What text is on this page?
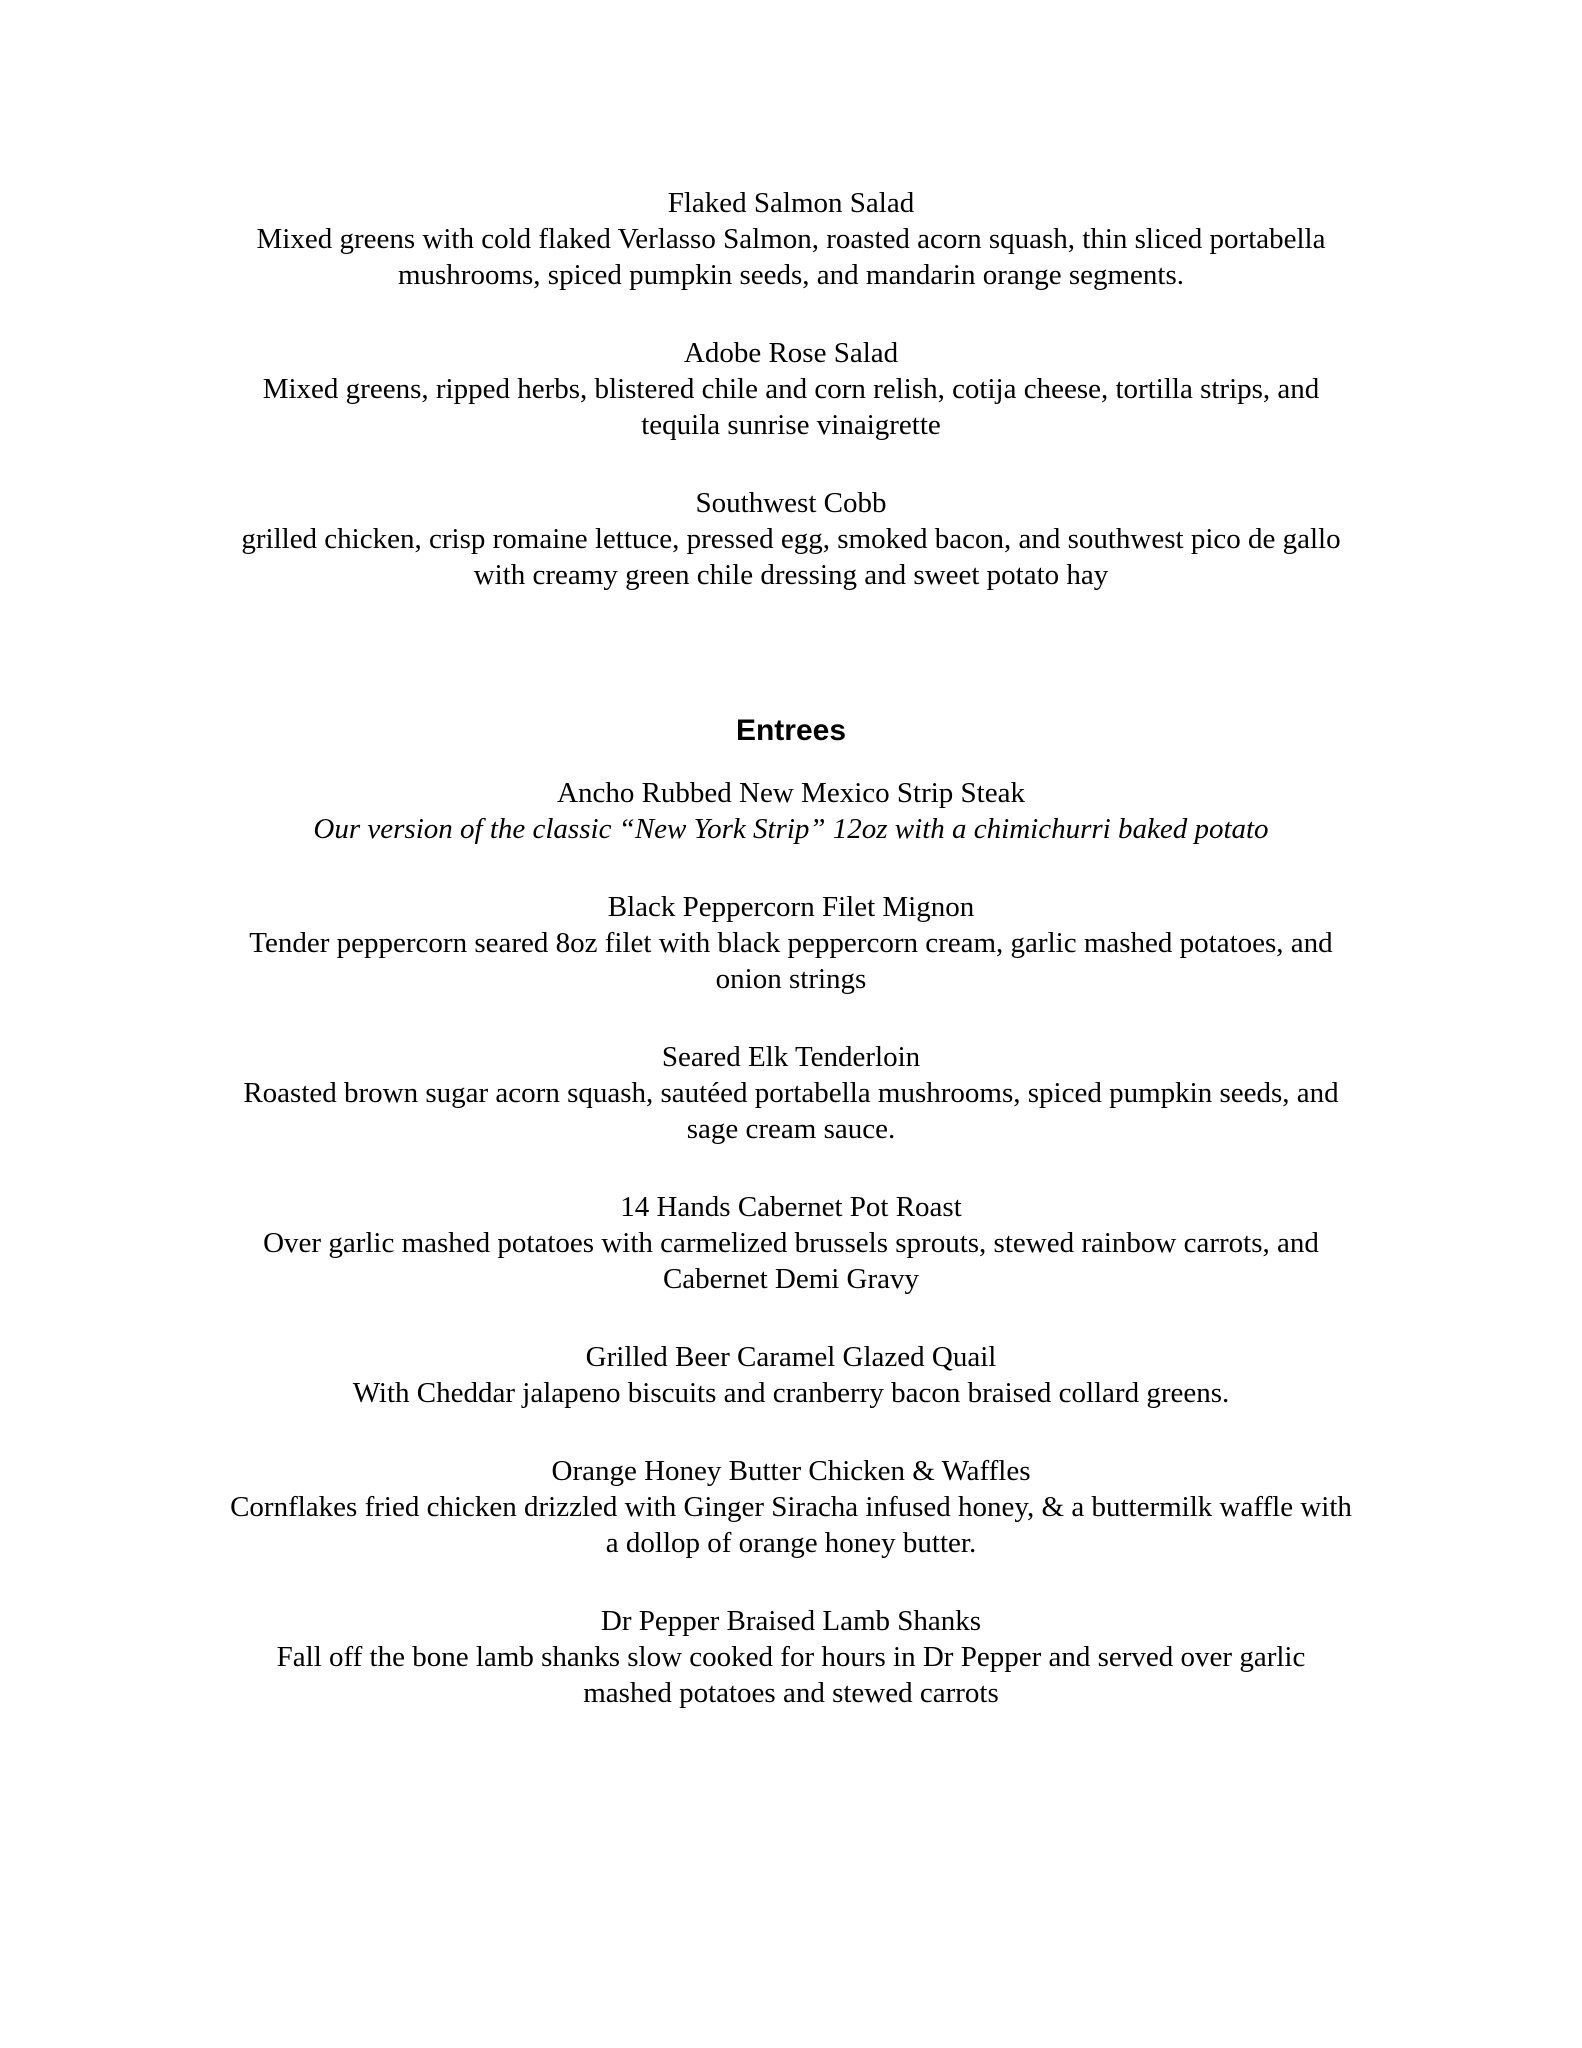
Flaked Salmon Salad
Mixed greens with cold flaked Verlasso Salmon, roasted acorn squash, thin sliced portabella
mushrooms, spiced pumpkin seeds, and mandarin orange segments.
Adobe Rose Salad
Mixed greens, ripped herbs, blistered chile and corn relish, cotija cheese, tortilla strips, and
tequila sunrise vinaigrette
Southwest Cobb
grilled chicken, crisp romaine lettuce, pressed egg, smoked bacon, and southwest pico de gallo
with creamy green chile dressing and sweet potato hay
Entrees
Ancho Rubbed New Mexico Strip Steak
Our version of the classic “New York Strip” 12oz with a chimichurri baked potato
Black Peppercorn Filet Mignon
Tender peppercorn seared 8oz filet with black peppercorn cream, garlic mashed potatoes, and
onion strings
Seared Elk Tenderloin
Roasted brown sugar acorn squash, sautéed portabella mushrooms, spiced pumpkin seeds, and
sage cream sauce.
14 Hands Cabernet Pot Roast
Over garlic mashed potatoes with carmelized brussels sprouts, stewed rainbow carrots, and
Cabernet Demi Gravy
Grilled Beer Caramel Glazed Quail
With Cheddar jalapeno biscuits and cranberry bacon braised collard greens.
Orange Honey Butter Chicken & Waffles
Cornflakes fried chicken drizzled with Ginger Siracha infused honey, & a buttermilk waffle with
a dollop of orange honey butter.
Dr Pepper Braised Lamb Shanks
Fall off the bone lamb shanks slow cooked for hours in Dr Pepper and served over garlic
mashed potatoes and stewed carrots
